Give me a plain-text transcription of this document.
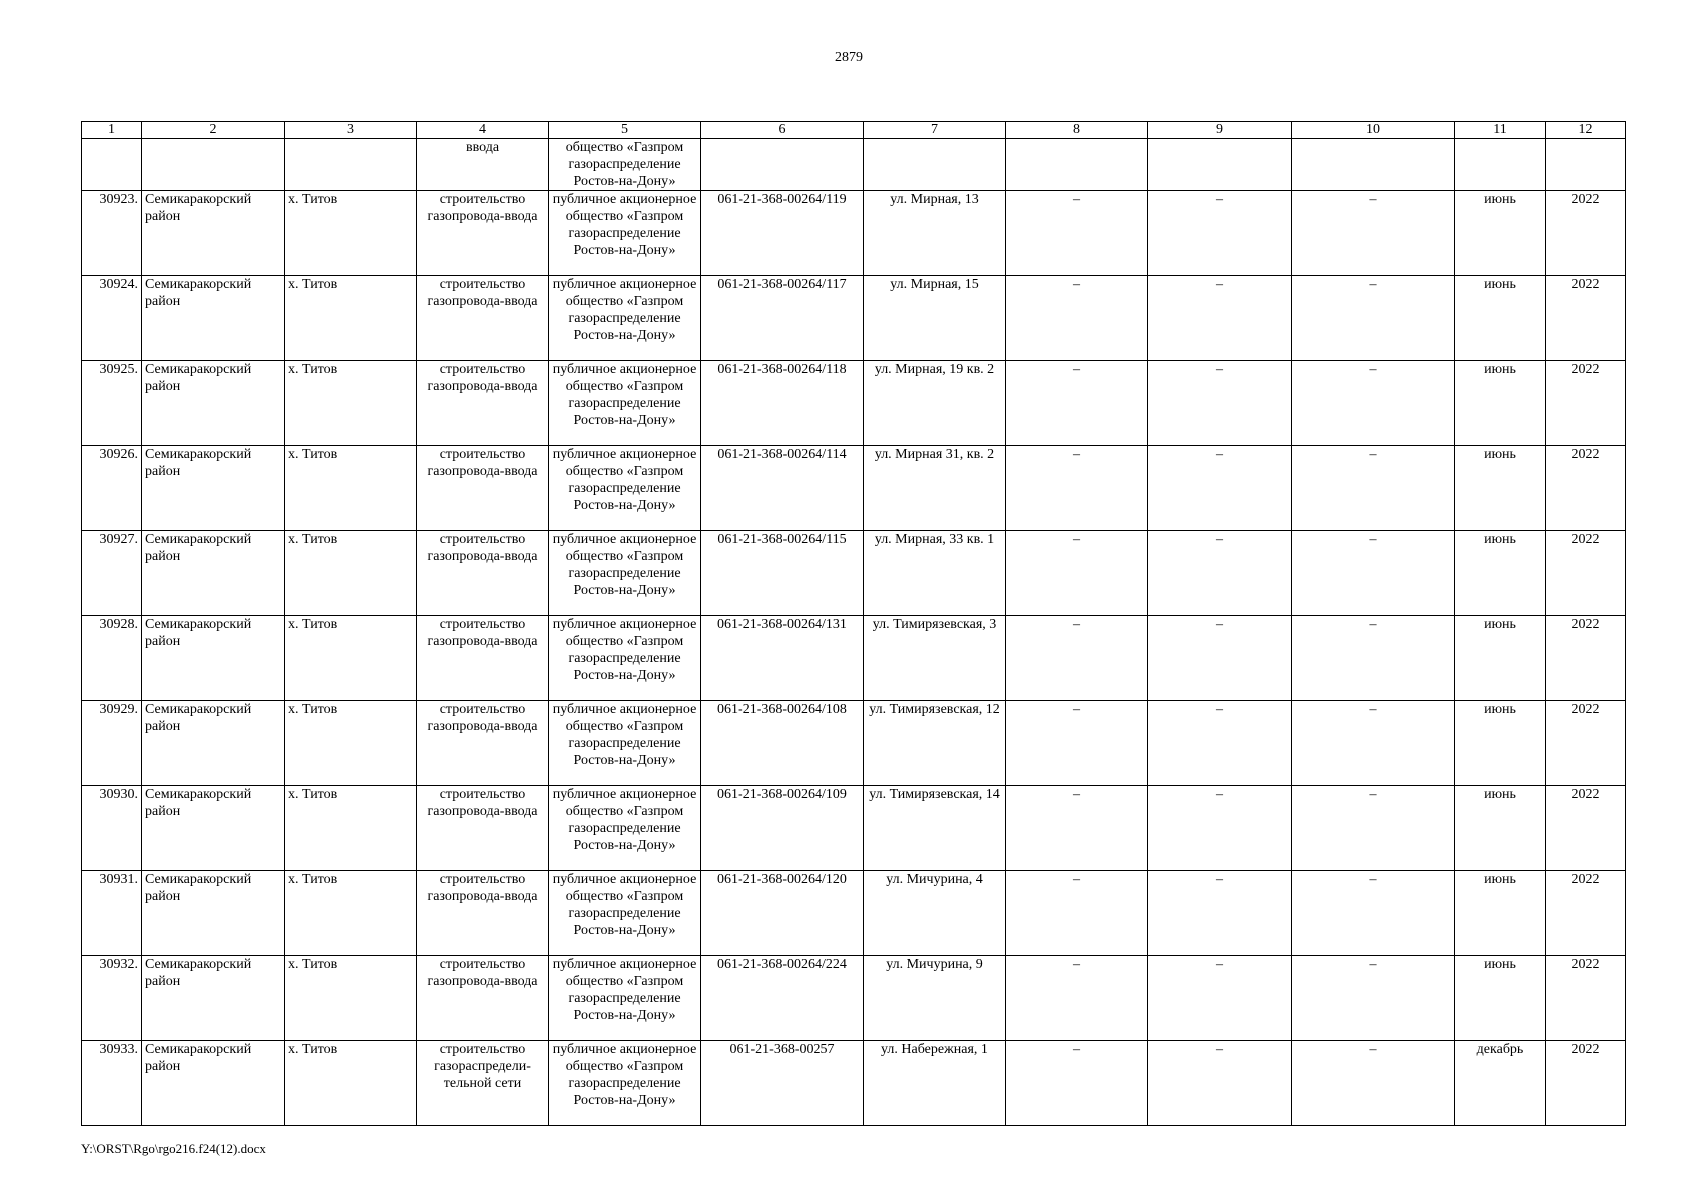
2879
1	2	3	4	5	6	7	8	9	10	11	12
			ввода	общество «Газпром газораспределение Ростов-на-Дону»							
30923.	Семикаракорский район	х. Титов	строительство газопровода-ввода	публичное акционерное общество «Газпром газораспределение Ростов-на-Дону»	061-21-368-00264/119	ул. Мирная, 13	–	–	–	июнь	2022
30924.	Семикаракорский район	х. Титов	строительство газопровода-ввода	публичное акционерное общество «Газпром газораспределение Ростов-на-Дону»	061-21-368-00264/117	ул. Мирная, 15	–	–	–	июнь	2022
30925.	Семикаракорский район	х. Титов	строительство газопровода-ввода	публичное акционерное общество «Газпром газораспределение Ростов-на-Дону»	061-21-368-00264/118	ул. Мирная, 19 кв. 2	–	–	–	июнь	2022
30926.	Семикаракорский район	х. Титов	строительство газопровода-ввода	публичное акционерное общество «Газпром газораспределение Ростов-на-Дону»	061-21-368-00264/114	ул. Мирная 31, кв. 2	–	–	–	июнь	2022
30927.	Семикаракорский район	х. Титов	строительство газопровода-ввода	публичное акционерное общество «Газпром газораспределение Ростов-на-Дону»	061-21-368-00264/115	ул. Мирная, 33 кв. 1	–	–	–	июнь	2022
30928.	Семикаракорский район	х. Титов	строительство газопровода-ввода	публичное акционерное общество «Газпром газораспределение Ростов-на-Дону»	061-21-368-00264/131	ул. Тимирязевская, 3	–	–	–	июнь	2022
30929.	Семикаракорский район	х. Титов	строительство газопровода-ввода	публичное акционерное общество «Газпром газораспределение Ростов-на-Дону»	061-21-368-00264/108	ул. Тимирязевская, 12	–	–	–	июнь	2022
30930.	Семикаракорский район	х. Титов	строительство газопровода-ввода	публичное акционерное общество «Газпром газораспределение Ростов-на-Дону»	061-21-368-00264/109	ул. Тимирязевская, 14	–	–	–	июнь	2022
30931.	Семикаракорский район	х. Титов	строительство газопровода-ввода	публичное акционерное общество «Газпром газораспределение Ростов-на-Дону»	061-21-368-00264/120	ул. Мичурина, 4	–	–	–	июнь	2022
30932.	Семикаракорский район	х. Титов	строительство газопровода-ввода	публичное акционерное общество «Газпром газораспределение Ростов-на-Дону»	061-21-368-00264/224	ул. Мичурина, 9	–	–	–	июнь	2022
30933.	Семикаракорский район	х. Титов	строительство газораспредели-тельной сети	публичное акционерное общество «Газпром газораспределение Ростов-на-Дону»	061-21-368-00257	ул. Набережная, 1	–	–	–	декабрь	2022
Y:\ORST\Rgo\rgo216.f24(12).docx
